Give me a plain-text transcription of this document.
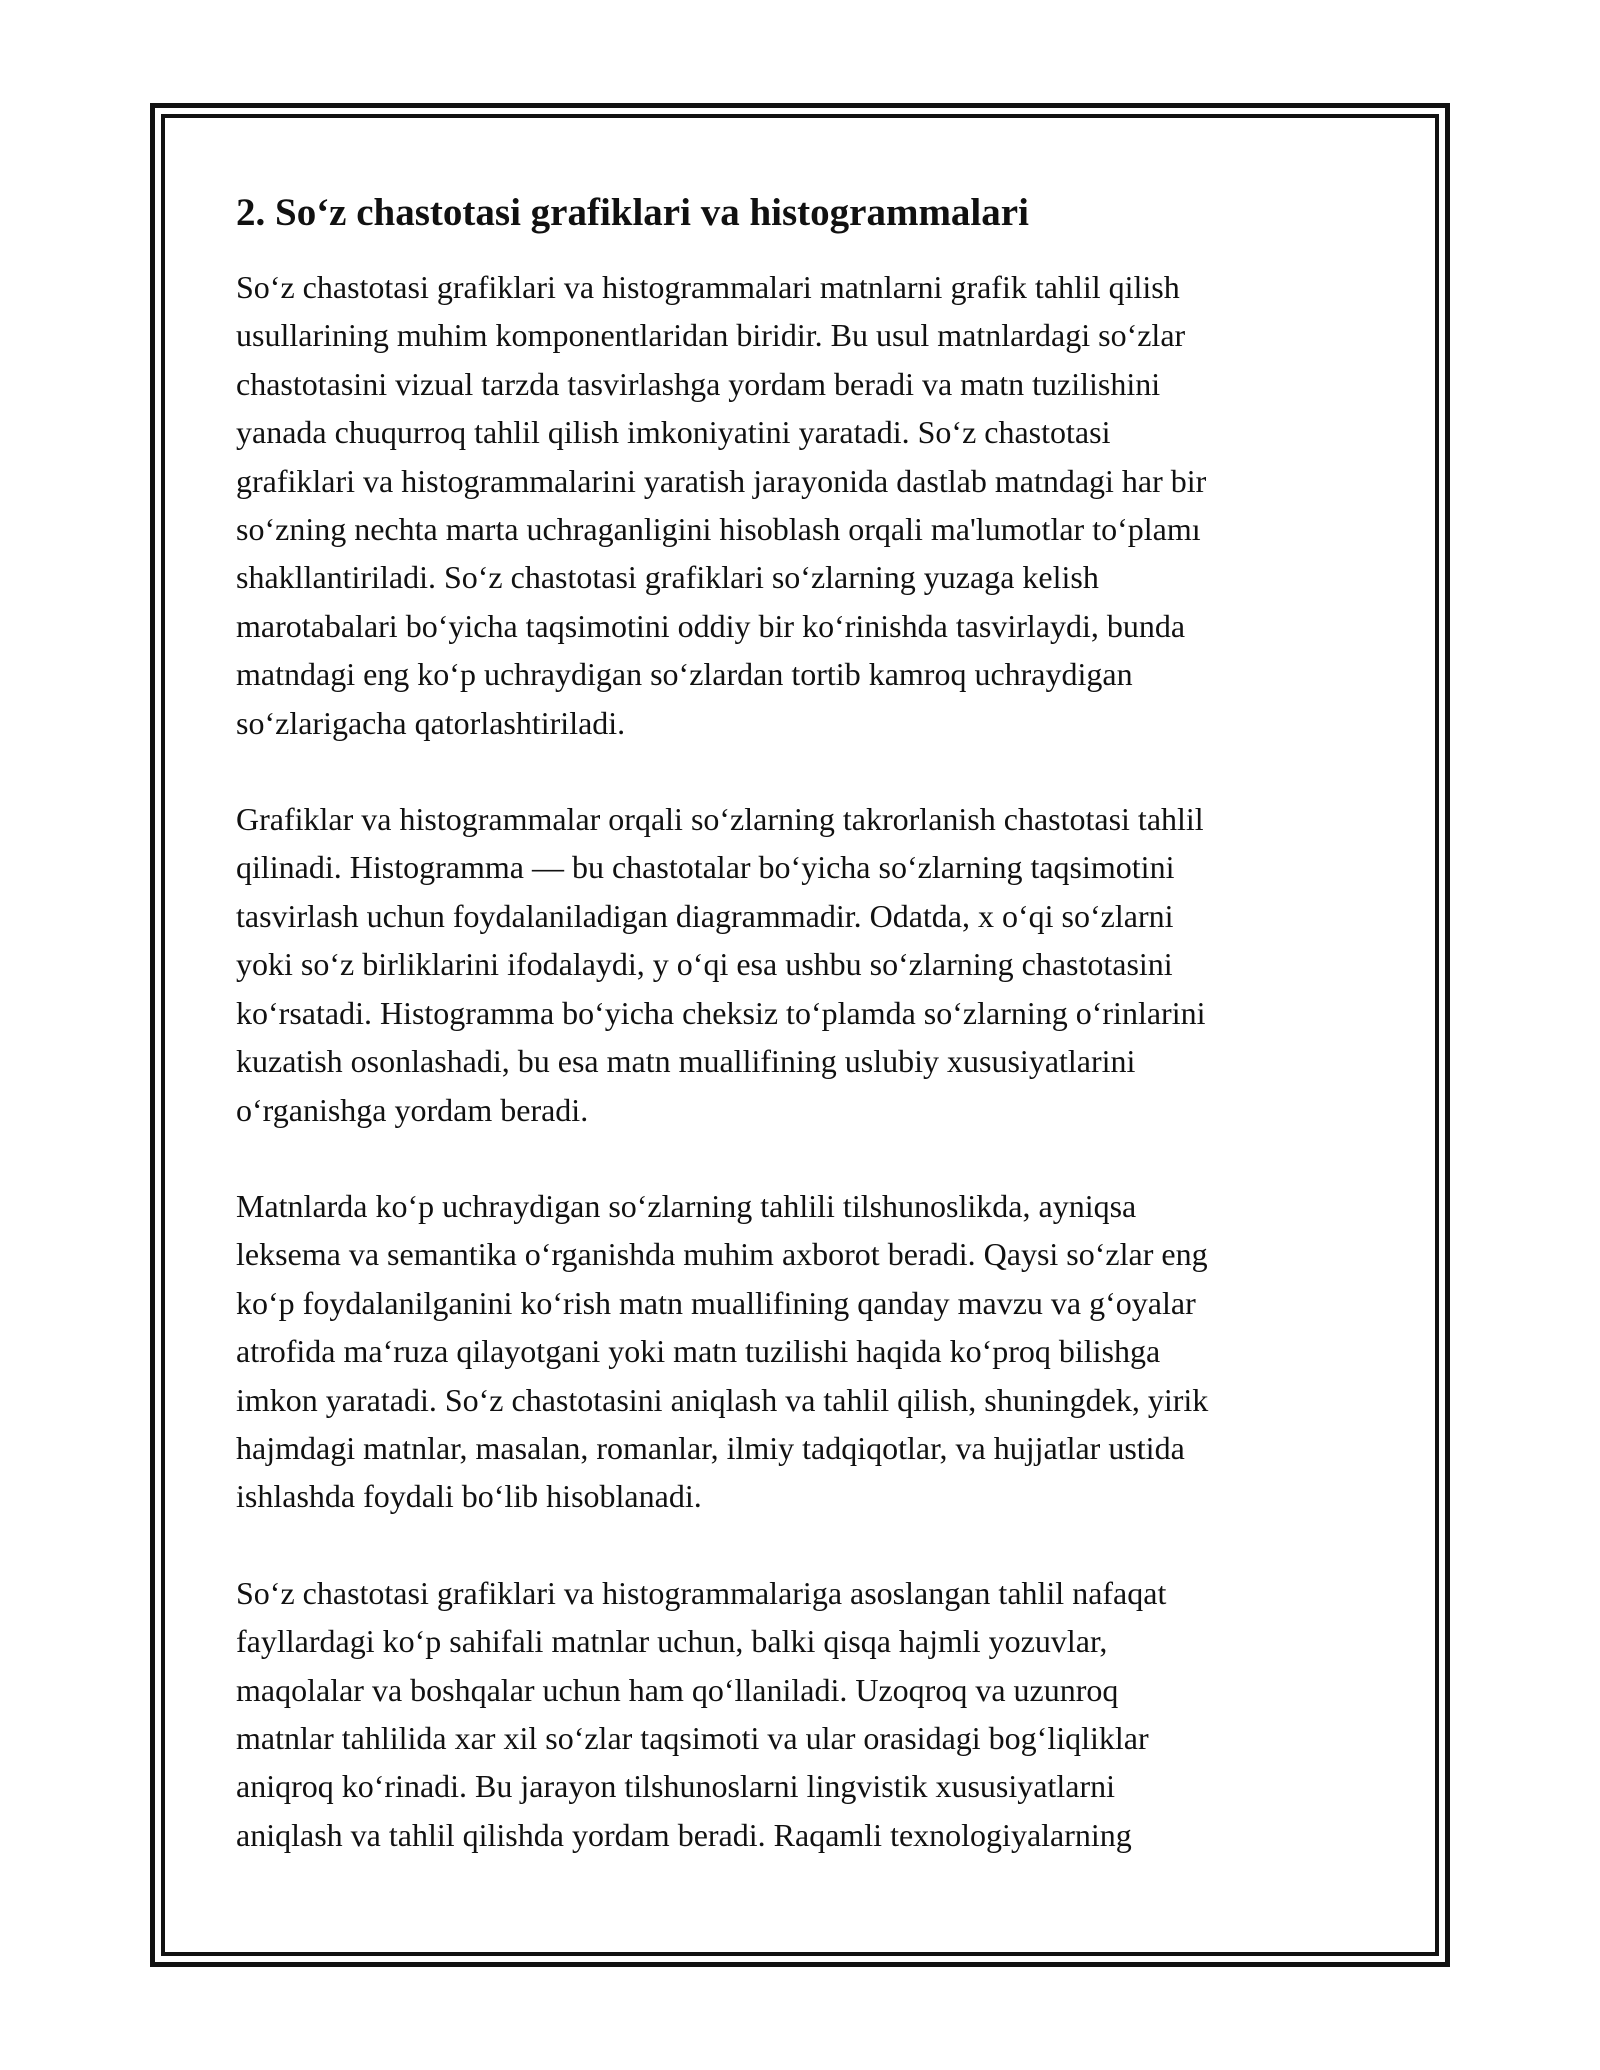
2. So‘z chastotasi grafiklari va histogrammalari

So‘z chastotasi grafiklari va histogrammalari matnlarni grafik tahlil qilish
usullarining muhim komponentlaridan biridir. Bu usul matnlardagi so‘zlar
chastotasini vizual tarzda tasvirlashga yordam beradi va matn tuzilishini
yanada chuqurroq tahlil qilish imkoniyatini yaratadi. So‘z chastotasi
grafiklari va histogrammalarini yaratish jarayonida dastlab matndagi har bir
so‘zning nechta marta uchraganligini hisoblash orqali ma'lumotlar to‘plamı
shakllantiriladi. So‘z chastotasi grafiklari so‘zlarning yuzaga kelish
marotabalari bo‘yicha taqsimotini oddiy bir ko‘rinishda tasvirlaydi, bunda
matndagi eng ko‘p uchraydigan so‘zlardan tortib kamroq uchraydigan
so‘zlarigacha qatorlashtiriladi.

Grafiklar va histogrammalar orqali so‘zlarning takrorlanish chastotasi tahlil
qilinadi. Histogramma — bu chastotalar bo‘yicha so‘zlarning taqsimotini
tasvirlash uchun foydalaniladigan diagrammadir. Odatda, x o‘qi so‘zlarni
yoki so‘z birliklarini ifodalaydi, y o‘qi esa ushbu so‘zlarning chastotasini
ko‘rsatadi. Histogramma bo‘yicha cheksiz to‘plamda so‘zlarning o‘rinlarini
kuzatish osonlashadi, bu esa matn muallifining uslubiy xususiyatlarini
o‘rganishga yordam beradi.

Matnlarda ko‘p uchraydigan so‘zlarning tahlili tilshunoslikda, ayniqsa
leksema va semantika o‘rganishda muhim axborot beradi. Qaysi so‘zlar eng
ko‘p foydalanilganini ko‘rish matn muallifining qanday mavzu va g‘oyalar
atrofida ma‘ruza qilayotgani yoki matn tuzilishi haqida ko‘proq bilishga
imkon yaratadi. So‘z chastotasini aniqlash va tahlil qilish, shuningdek, yirik
hajmdagi matnlar, masalan, romanlar, ilmiy tadqiqotlar, va hujjatlar ustida
ishlashda foydali bo‘lib hisoblanadi.

So‘z chastotasi grafiklari va histogrammalariga asoslangan tahlil nafaqat
fayllardagi ko‘p sahifali matnlar uchun, balki qisqa hajmli yozuvlar,
maqolalar va boshqalar uchun ham qo‘llaniladi. Uzoqroq va uzunroq
matnlar tahlilida xar xil so‘zlar taqsimoti va ular orasidagi bog‘liqliklar
aniqroq ko‘rinadi. Bu jarayon tilshunoslarni lingvistik xususiyatlarni
aniqlash va tahlil qilishda yordam beradi. Raqamli texnologiyalarning
